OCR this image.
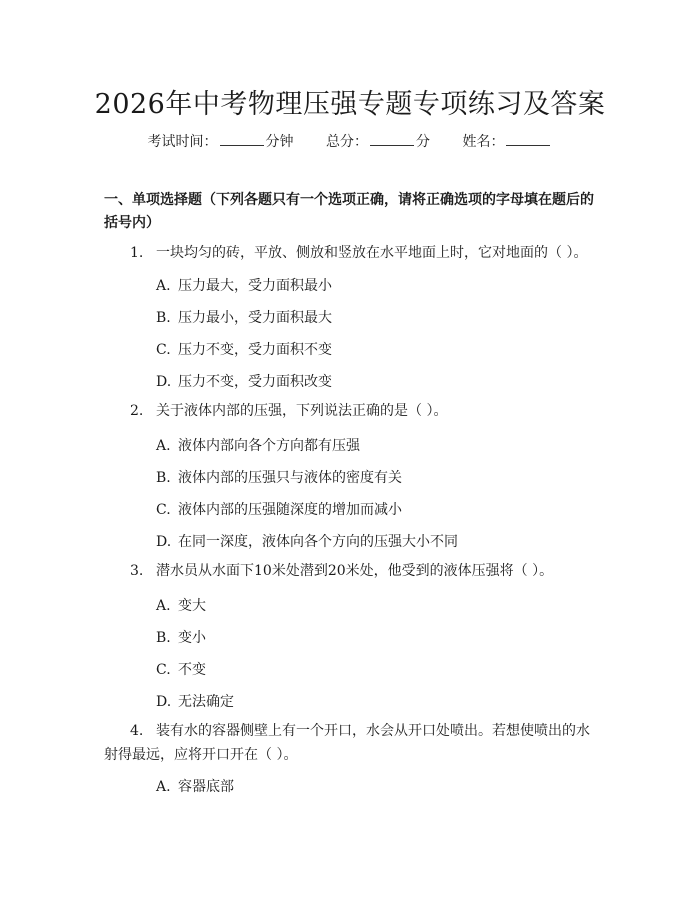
2026年中考物理压强专题专项练习及答案
考试时间：	分钟 总分：	分 姓名：
一、单项选择题（下列各题只有一个选项正确，请将正确选项的字母填在题后的括号内）
1. 一块均匀的砖，平放、侧放和竖放在水平地面上时，它对地面的（ ）。
A. 压力最大，受力面积最小
B. 压力最小，受力面积最大
C. 压力不变，受力面积不变
D. 压力不变，受力面积改变
2. 关于液体内部的压强，下列说法正确的是（ ）。
A. 液体内部向各个方向都有压强
B. 液体内部的压强只与液体的密度有关
C. 液体内部的压强随深度的增加而减小
D. 在同一深度，液体向各个方向的压强大小不同
3. 潜水员从水面下10米处潜到20米处，他受到的液体压强将（ ）。
A. 变大
B. 变小
C. 不变
D. 无法确定
4. 装有水的容器侧壁上有一个开口，水会从开口处喷出。若想使喷出的水射得最远，应将开口开在（ ）。
A. 容器底部
